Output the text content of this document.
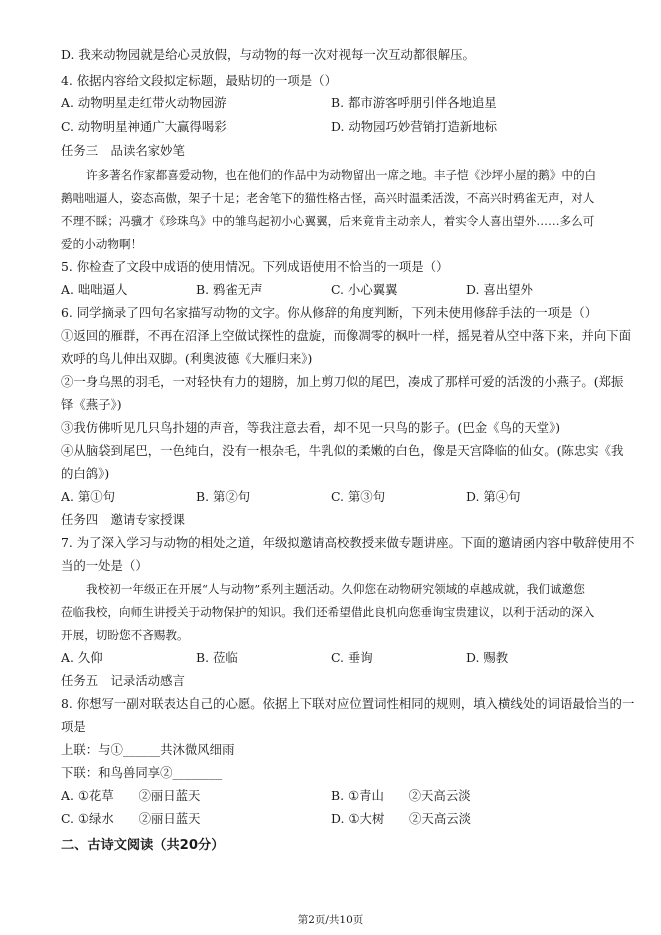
D. 我来动物园就是给心灵放假，与动物的每一次对视每一次互动都很解压。
4. 依据内容给文段拟定标题，最贴切的一项是（）
A. 动物明星走红带火动物园游	B. 都市游客呼朋引伴各地追星
C. 动物明星神通广大赢得喝彩	D. 动物园巧妙营销打造新地标
任务三　品读名家妙笔
许多著名作家都喜爱动物，也在他们的作品中为动物留出一席之地。丰子恺《沙坪小屋的鹅》中的白
鹅咄咄逼人，姿态高傲，架子十足；老舍笔下的猫性格古怪，高兴时温柔活泼，不高兴时鸦雀无声，对人
不理不睬；冯骥才《珍珠鸟》中的雏鸟起初小心翼翼，后来竟肯主动亲人，着实令人喜出望外……多么可
爱的小动物啊！
5. 你检查了文段中成语的使用情况。下列成语使用不恰当的一项是（）
A. 咄咄逼人	B. 鸦雀无声	C. 小心翼翼	D. 喜出望外
6. 同学摘录了四句名家描写动物的文字。你从修辞的角度判断，下列未使用修辞手法的一项是（）
①返回的雁群，不再在沼泽上空做试探性的盘旋，而像凋零的枫叶一样，摇晃着从空中落下来，并向下面
欢呼的鸟儿伸出双脚。(利奥波德《大雁归来》)
②一身乌黑的羽毛，一对轻快有力的翅膀，加上剪刀似的尾巴，凑成了那样可爱的活泼的小燕子。(郑振
铎《燕子》)
③我仿佛听见几只鸟扑翅的声音，等我注意去看，却不见一只鸟的影子。(巴金《鸟的天堂》)
④从脑袋到尾巴，一色纯白，没有一根杂毛，牛乳似的柔嫩的白色，像是天宫降临的仙女。(陈忠实《我
的白鸽》)
A. 第①句	B. 第②句	C. 第③句	D. 第④句
任务四　邀请专家授课
7. 为了深入学习与动物的相处之道，年级拟邀请高校教授来做专题讲座。下面的邀请函内容中敬辞使用不
当的一处是（）
我校初一年级正在开展“人与动物”系列主题活动。久仰您在动物研究领域的卓越成就，我们诚邀您
莅临我校，向师生讲授关于动物保护的知识。我们还希望借此良机向您垂询宝贵建议，以利于活动的深入
开展，切盼您不吝赐教。
A. 久仰	B. 莅临	C. 垂询	D. 赐教
任务五　记录活动感言
8. 你想写一副对联表达自己的心愿。依据上下联对应位置词性相同的规则，填入横线处的词语最恰当的一
项是
上联：与①______共沐微风细雨
下联：和鸟兽同享②________
A. ①花草　　②丽日蓝天	B. ①青山　　②天高云淡
C. ①绿水　　②丽日蓝天	D. ①大树　　②天高云淡
二、古诗文阅读（共20分）
第2页/共10页
